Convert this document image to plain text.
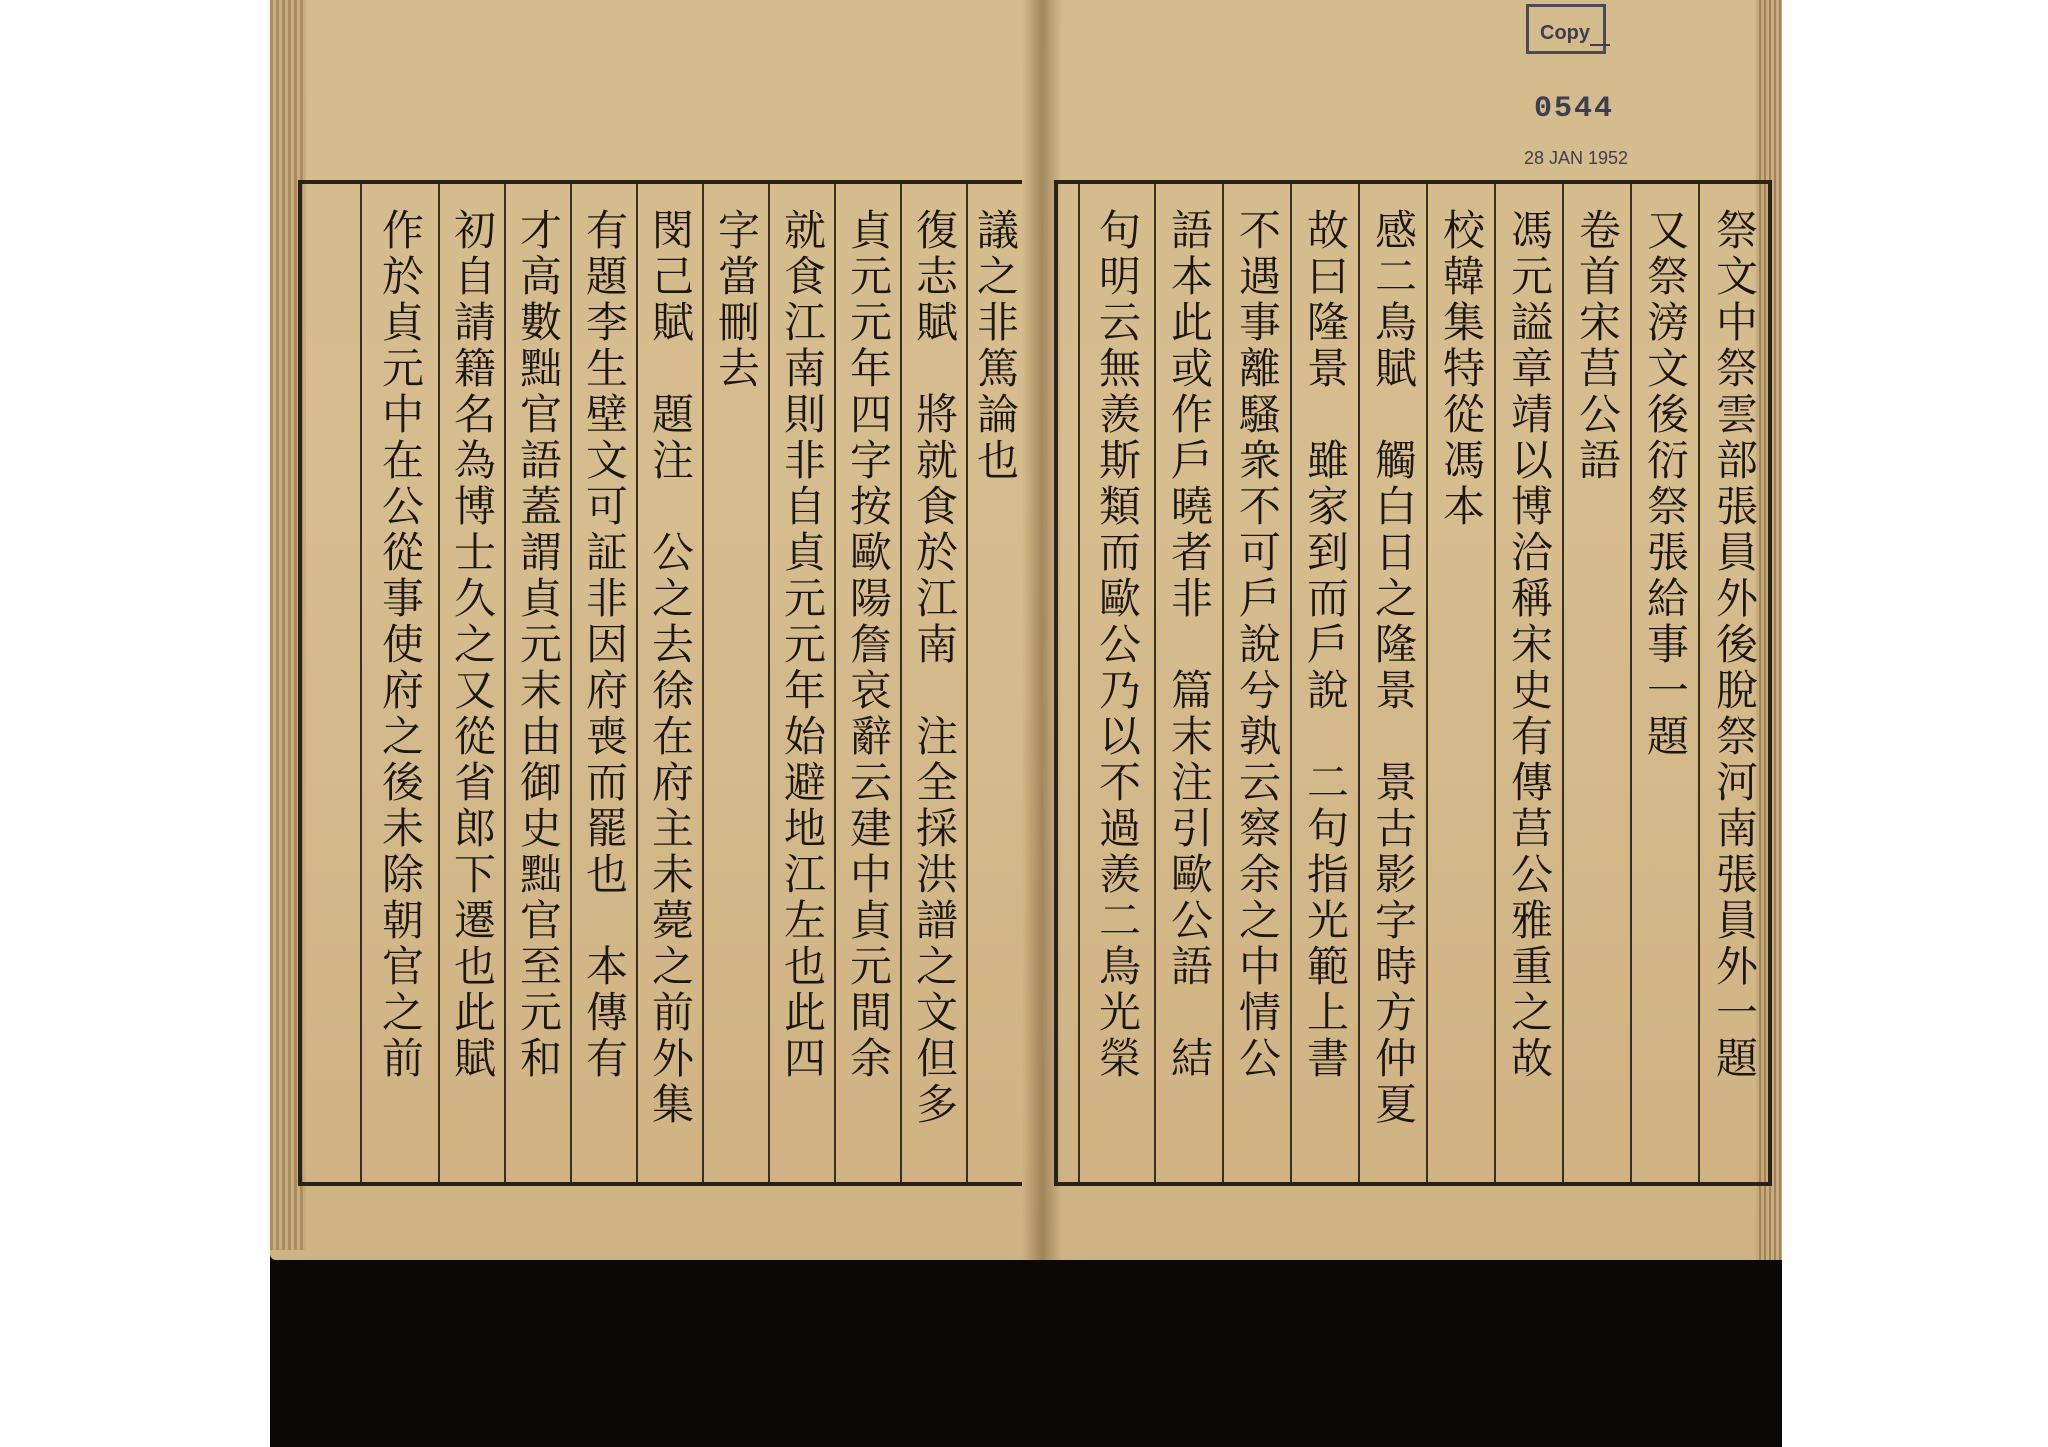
議之非篤論也
復志賦　將就食於江南　注全採洪譜之文但多
貞元元年四字按歐陽詹哀辭云建中貞元間余
就食江南則非自貞元元年始避地江左也此四
字當刪去
閔己賦　題注　公之去徐在府主未薨之前外集
有題李生壁文可証非因府喪而罷也　本傳有
才高數黜官語蓋謂貞元末由御史黜官至元和
初自請籍名為博士久之又從省郎下遷也此賦
作於貞元中在公從事使府之後未除朝官之前	祭文中祭雲部張員外後脫祭河南張員外一題
又祭滂文後衍祭張給事一題
卷首宋莒公語
馮元謚章靖以博洽稱宋史有傳莒公雅重之故
校韓集特從馮本
感二鳥賦　觸白日之隆景　景古影字時方仲夏
故曰隆景　雖家到而戶說　二句指光範上書
不遇事離騷衆不可戶說兮孰云察余之中情公
語本此或作戶曉者非　篇末注引歐公語　結
句明云無羨斯類而歐公乃以不過羨二鳥光榮
Copy
0544
28 JAN 1952
